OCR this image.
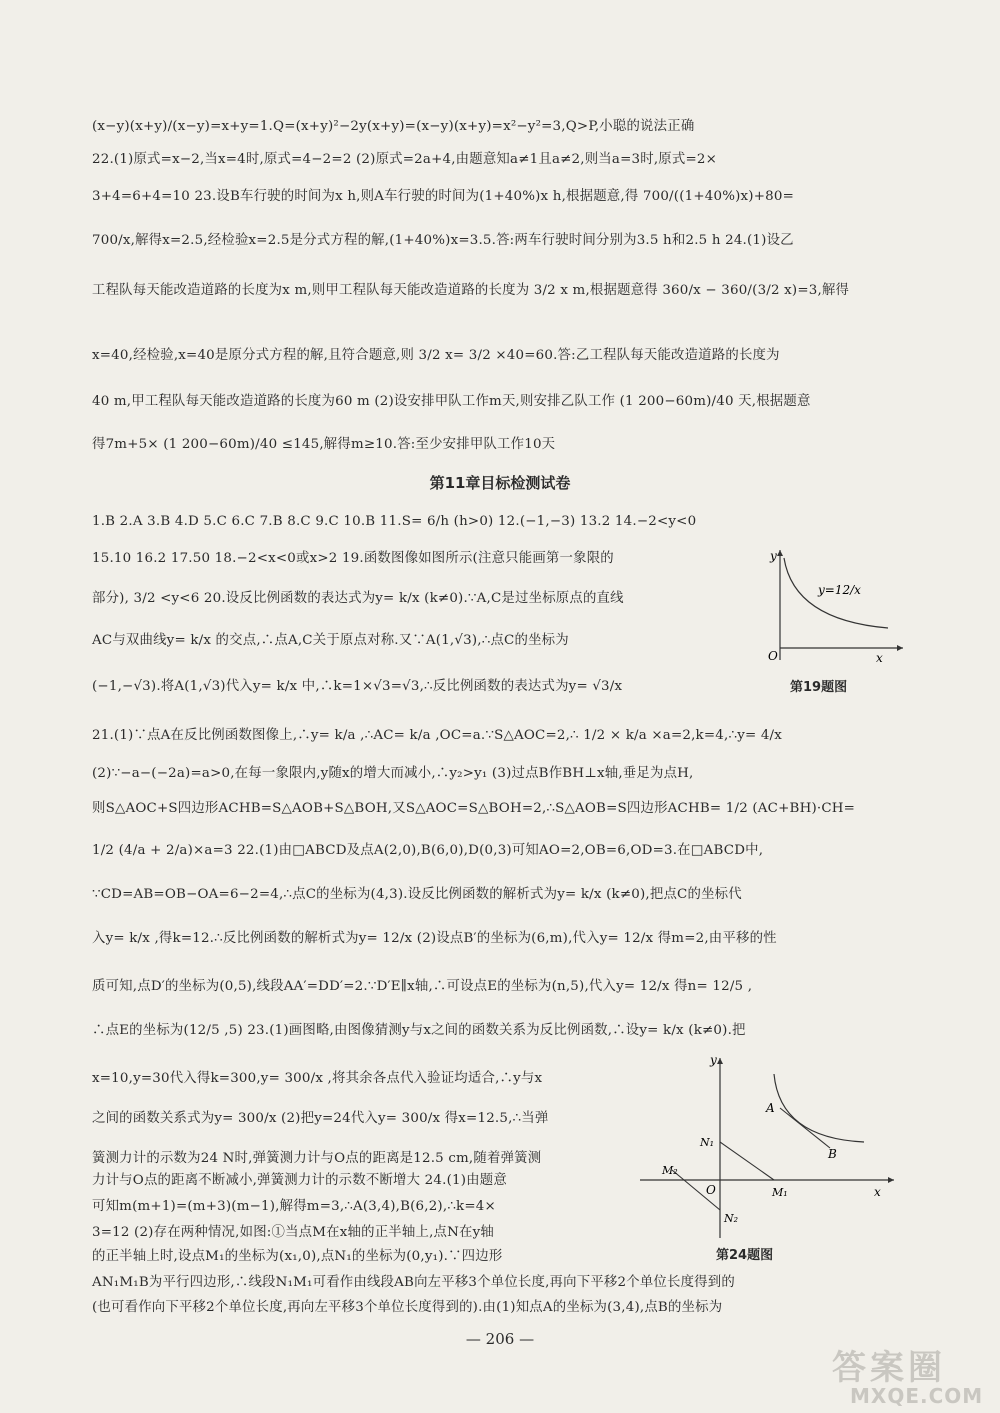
(x−y)(x+y)/(x−y)=x+y=1.Q=(x+y)²−2y(x+y)=(x−y)(x+y)=x²−y²=3,Q>P,小聪的说法正确
22.(1)原式=x−2,当x=4时,原式=4−2=2 (2)原式=2a+4,由题意知a≠1且a≠2,则当a=3时,原式=2×
3+4=6+4=10 23.设B车行驶的时间为x h,则A车行驶的时间为(1+40%)x h,根据题意,得 700/((1+40%)x)+80=
700/x,解得x=2.5,经检验x=2.5是分式方程的解,(1+40%)x=3.5.答:两车行驶时间分别为3.5 h和2.5 h 24.(1)设乙
工程队每天能改造道路的长度为x m,则甲工程队每天能改造道路的长度为 3/2 x m,根据题意得 360/x − 360/(3/2 x)=3,解得
x=40,经检验,x=40是原分式方程的解,且符合题意,则 3/2 x= 3/2 ×40=60.答:乙工程队每天能改造道路的长度为
40 m,甲工程队每天能改造道路的长度为60 m (2)设安排甲队工作m天,则安排乙队工作 (1 200−60m)/40 天,根据题意
得7m+5× (1 200−60m)/40 ≤145,解得m≥10.答:至少安排甲队工作10天
第11章目标检测试卷
1.B 2.A 3.B 4.D 5.C 6.C 7.B 8.C 9.C 10.B 11.S= 6/h (h>0) 12.(−1,−3) 13.2 14.−2<y<0
15.10 16.2 17.50 18.−2<x<0或x>2 19.函数图像如图所示(注意只能画第一象限的
部分), 3/2 <y<6 20.设反比例函数的表达式为y= k/x (k≠0).∵A,C是过坐标原点的直线
AC与双曲线y= k/x 的交点,∴点A,C关于原点对称.又∵A(1,√3),∴点C的坐标为
(−1,−√3).将A(1,√3)代入y= k/x 中,∴k=1×√3=√3,∴反比例函数的表达式为y= √3/x
21.(1)∵点A在反比例函数图像上,∴y= k/a ,∴AC= k/a ,OC=a.∵S△AOC=2,∴ 1/2 × k/a ×a=2,k=4,∴y= 4/x
(2)∵−a−(−2a)=a>0,在每一象限内,y随x的增大而减小,∴y₂>y₁ (3)过点B作BH⊥x轴,垂足为点H,
则S△AOC+S四边形ACHB=S△AOB+S△BOH,又S△AOC=S△BOH=2,∴S△AOB=S四边形ACHB= 1/2 (AC+BH)·CH=
1/2 (4/a + 2/a)×a=3 22.(1)由□ABCD及点A(2,0),B(6,0),D(0,3)可知AO=2,OB=6,OD=3.在□ABCD中,
∵CD=AB=OB−OA=6−2=4,∴点C的坐标为(4,3).设反比例函数的解析式为y= k/x (k≠0),把点C的坐标代
入y= k/x ,得k=12.∴反比例函数的解析式为y= 12/x (2)设点B′的坐标为(6,m),代入y= 12/x 得m=2,由平移的性
质可知,点D′的坐标为(0,5),线段AA′=DD′=2.∵D′E∥x轴,∴可设点E的坐标为(n,5),代入y= 12/x 得n= 12/5 ,
∴点E的坐标为(12/5 ,5) 23.(1)画图略,由图像猜测y与x之间的函数关系为反比例函数,∴设y= k/x (k≠0).把
x=10,y=30代入得k=300,y= 300/x ,将其余各点代入验证均适合,∴y与x
之间的函数关系式为y= 300/x (2)把y=24代入y= 300/x 得x=12.5,∴当弹
簧测力计的示数为24 N时,弹簧测力计与O点的距离是12.5 cm,随着弹簧测
力计与O点的距离不断减小,弹簧测力计的示数不断增大 24.(1)由题意
可知m(m+1)=(m+3)(m−1),解得m=3,∴A(3,4),B(6,2),∴k=4×
3=12 (2)存在两种情况,如图:①当点M在x轴的正半轴上,点N在y轴
的正半轴上时,设点M₁的坐标为(x₁,0),点N₁的坐标为(0,y₁).∵四边形
AN₁M₁B为平行四边形,∴线段N₁M₁可看作由线段AB向左平移3个单位长度,再向下平移2个单位长度得到的
(也可看作向下平移2个单位长度,再向左平移3个单位长度得到的).由(1)知点A的坐标为(3,4),点B的坐标为
y=12/x
O	x
y
第19题图
y
x
O
A
B
N₁
N₂
M₁
M₂
第24题图
— 206 —
答案圈
MXQE.COM
